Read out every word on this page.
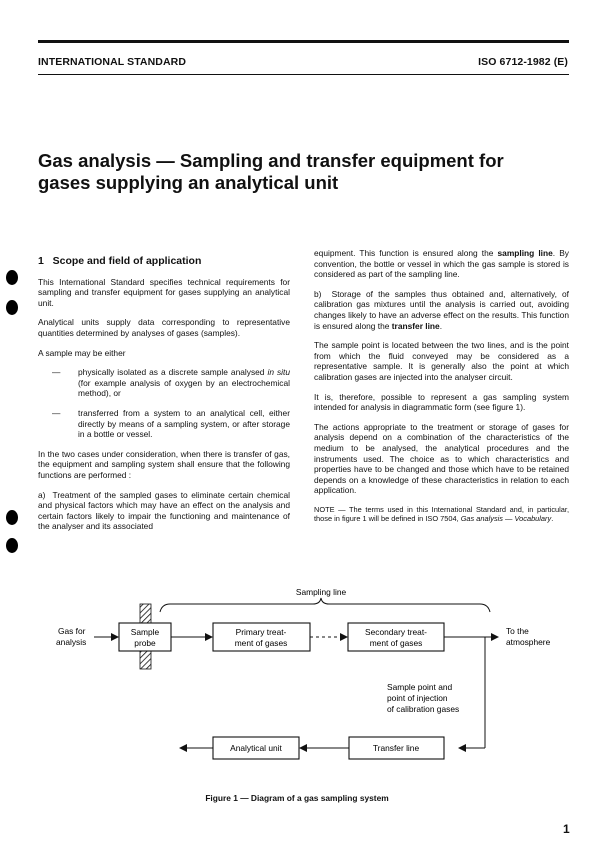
INTERNATIONAL STANDARD	ISO 6712-1982 (E)
Gas analysis — Sampling and transfer equipment for
gases supplying an analytical unit

1 Scope and field of application

This International Standard specifies technical requirements for sampling and transfer equipment for gases supplying an analytical unit.

Analytical units supply data corresponding to representative quantities determined by analyses of gases (samples).

A sample may be either

—	physically isolated as a discrete sample analysed in situ (for example analysis of oxygen by an electrochemical method), or
—	transferred from a system to an analytical cell, either directly by means of a sampling system, or after storage in a bottle or vessel.

In the two cases under consideration, when there is transfer of gas, the equipment and sampling system shall ensure that the following functions are performed :

a) Treatment of the sampled gases to eliminate certain chemical and physical factors which may have an effect on the analysis and certain factors likely to impair the functioning and maintenance of the analyser and its associated

equipment. This function is ensured along the sampling line. By convention, the bottle or vessel in which the gas sample is stored is considered as part of the sampling line.

b) Storage of the samples thus obtained and, alternatively, of calibration gas mixtures until the analysis is carried out, avoiding changes likely to have an adverse effect on the results. This function is ensured along the transfer line.

The sample point is located between the two lines, and is the point from which the fluid conveyed may be considered as a representative sample. It is generally also the point at which calibration gases are injected into the analyser circuit.

It is, therefore, possible to represent a gas sampling system intended for analysis in diagrammatic form (see figure 1).

The actions appropriate to the treatment or storage of gases for analysis depend on a combination of the characteristics of the medium to be analysed, the analytical procedures and the instruments used. The choice as to which characteristics and properties have to be changed and those which have to be retained depends on a knowledge of these characteristics in relation to each application.

NOTE — The terms used in this International Standard and, in particular, those in figure 1 will be defined in ISO 7504, Gas analysis — Vocabulary.

Sampling line
Gas for
analysis
Sample
probe
Primary treat-
ment of gases
Secondary treat-
ment of gases
To the
atmosphere
Sample point and
point of injection
of calibration gases
Transfer line
Analytical unit
Figure 1 — Diagram of a gas sampling system
1
